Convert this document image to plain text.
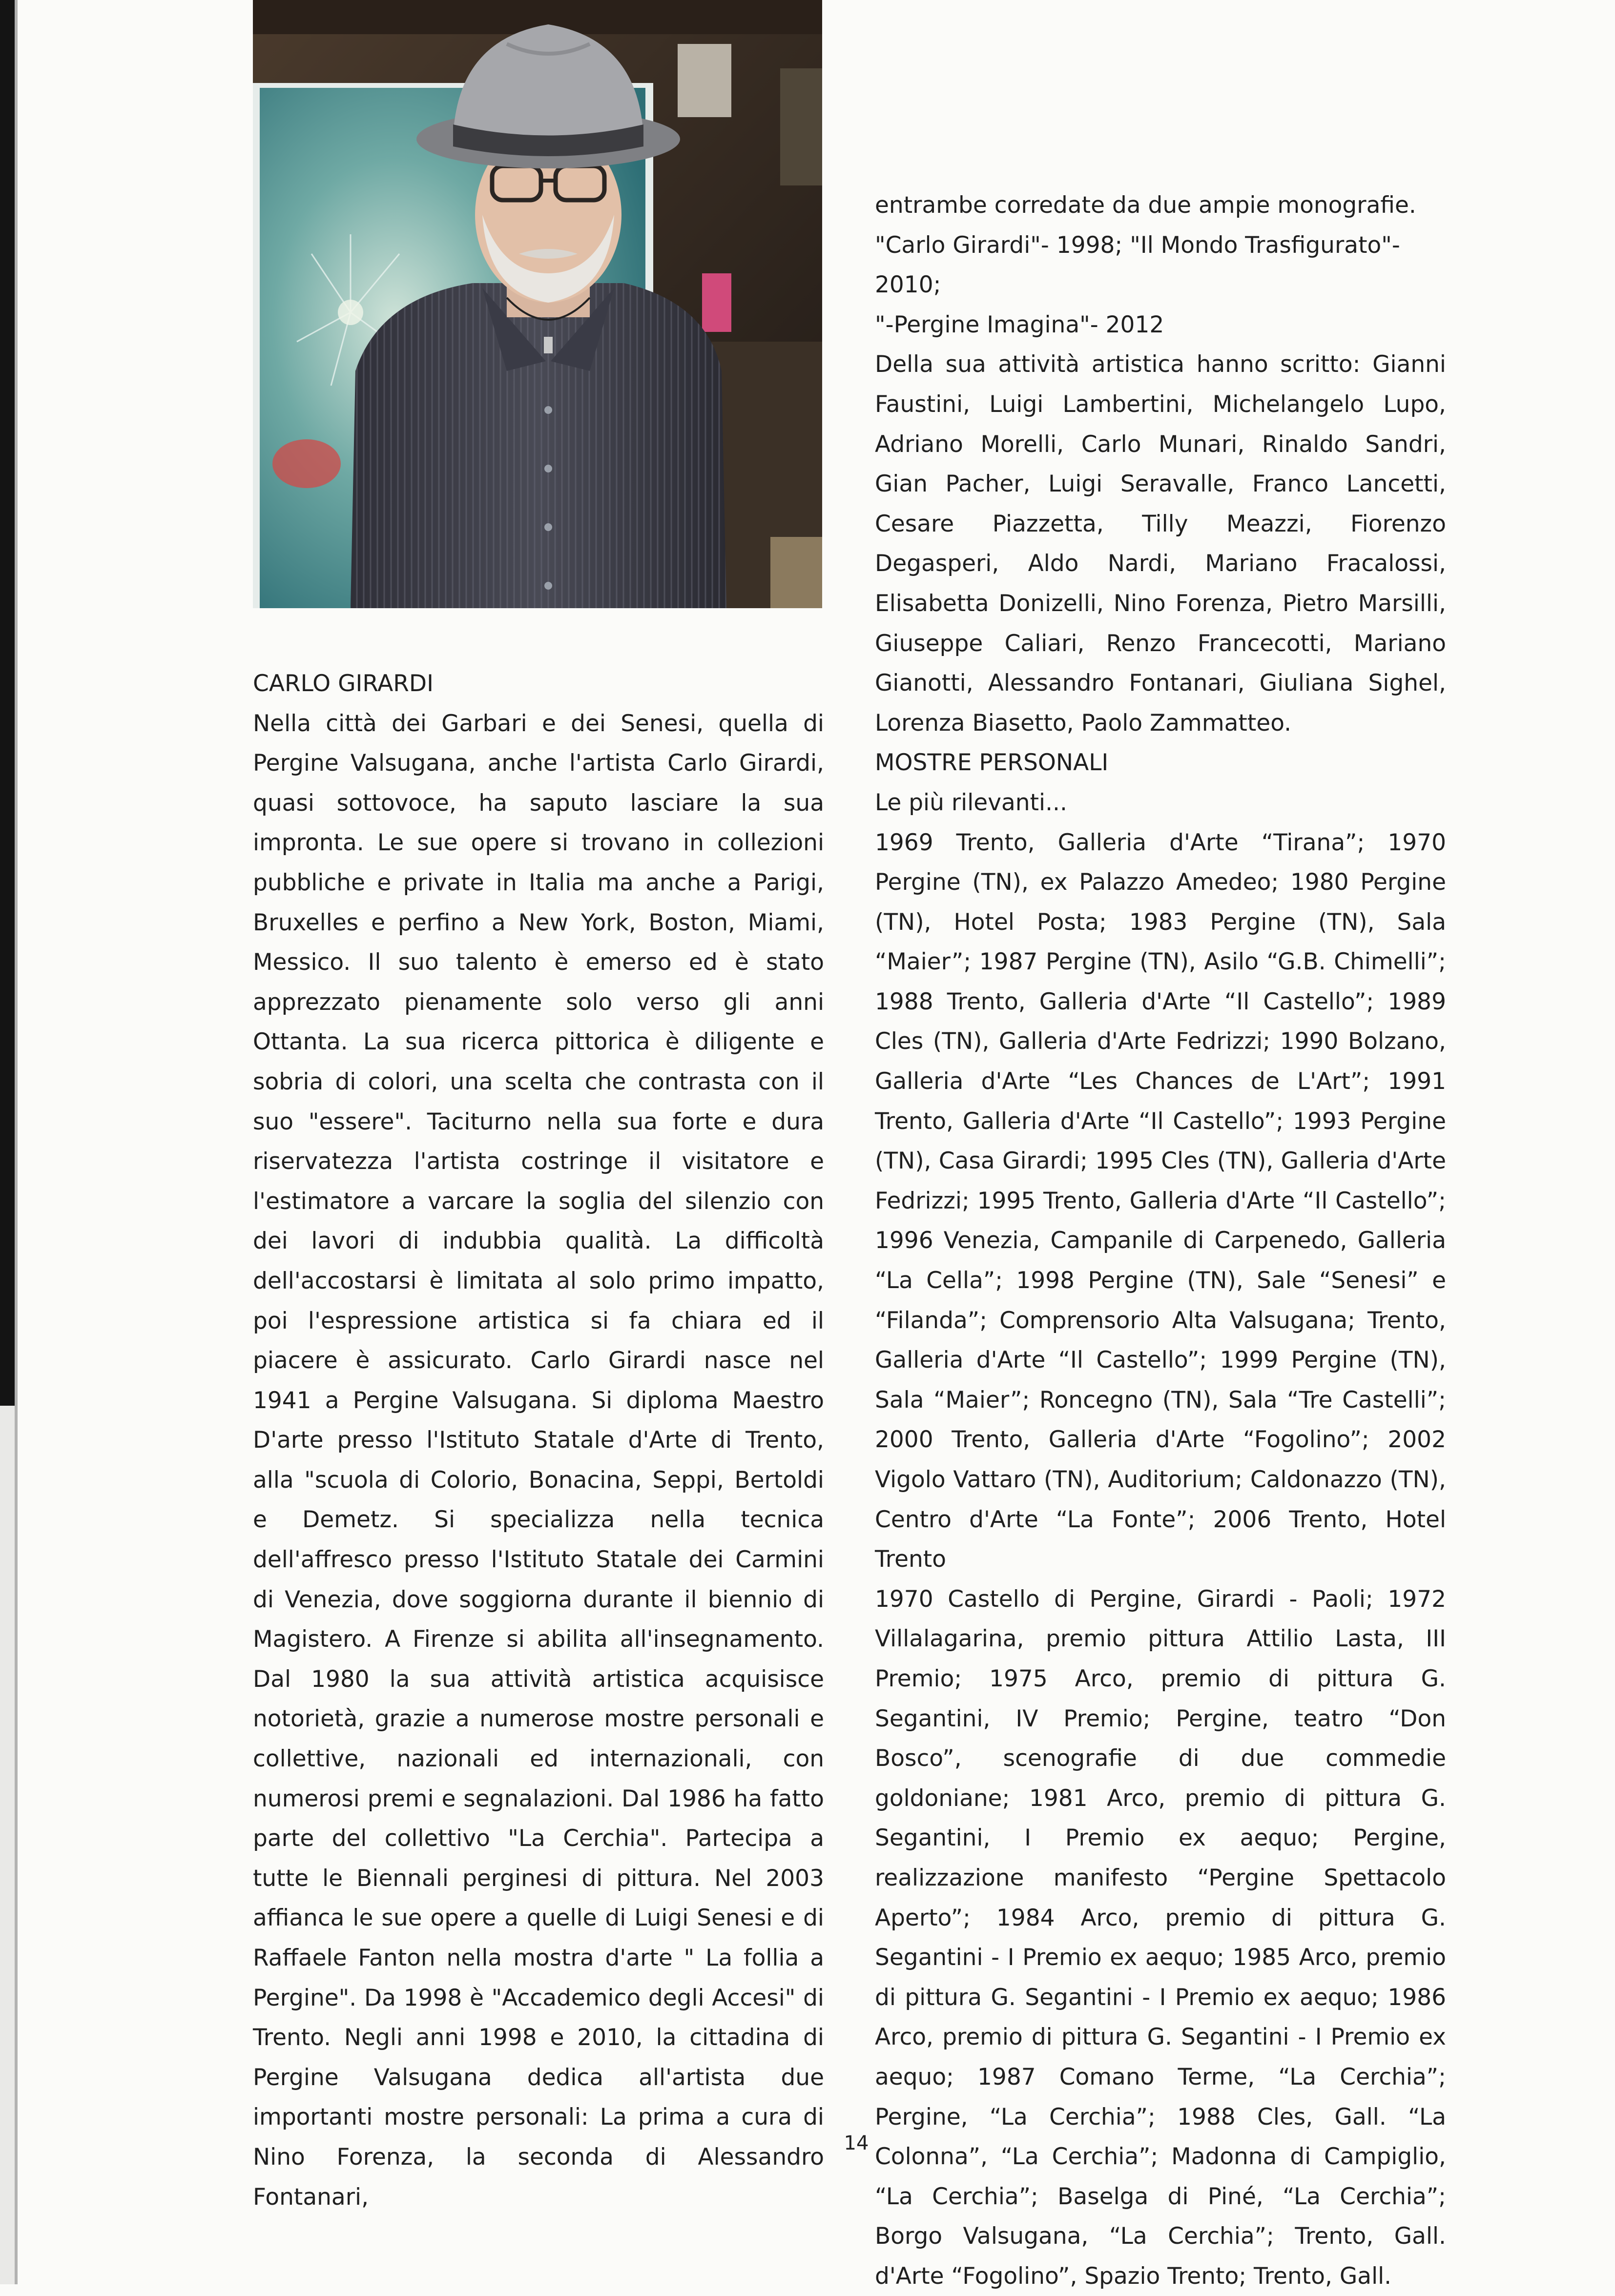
CARLO GIRARDI

Nella città dei Garbari e dei Senesi, quella di Pergine Valsugana, anche l'artista Carlo Girardi, quasi sottovoce, ha saputo lasciare la sua impronta. Le sue opere si trovano in collezioni pubbliche e private in Italia ma anche a Parigi, Bruxelles e perfino a New York, Boston, Miami, Messico. Il suo talento è emerso ed è stato apprezzato pienamente solo verso gli anni Ottanta. La sua ricerca pittorica è diligente e sobria di colori, una scelta che contrasta con il suo "essere". Taciturno nella sua forte e dura riservatezza l'artista costringe il visitatore e l'estimatore a varcare la soglia del silenzio con dei lavori di indubbia qualità. La difficoltà dell'accostarsi è limitata al solo primo impatto, poi l'espressione artistica si fa chiara ed il piacere è assicurato. Carlo Girardi nasce nel 1941 a Pergine Valsugana. Si diploma Maestro D'arte presso l'Istituto Statale d'Arte di Trento, alla "scuola di Colorio, Bonacina, Seppi, Bertoldi e Demetz. Si specializza nella tecnica dell'affresco presso l'Istituto Statale dei Carmini di Venezia, dove soggiorna durante il biennio di Magistero. A Firenze si abilita all'insegnamento. Dal 1980 la sua attività artistica acquisisce notorietà, grazie a numerose mostre personali e collettive, nazionali ed internazionali, con numerosi premi e segnalazioni. Dal 1986 ha fatto parte del collettivo "La Cerchia". Partecipa a tutte le Biennali perginesi di pittura. Nel 2003 affianca le sue opere a quelle di Luigi Senesi e di Raffaele Fanton nella mostra d'arte " La follia a Pergine". Da 1998 è "Accademico degli Accesi" di Trento. Negli anni 1998 e 2010, la cittadina di Pergine Valsugana dedica all'artista due importanti mostre personali: La prima a cura di Nino Forenza, la seconda di Alessandro Fontanari,

entrambe corredate da due ampie monografie.

"Carlo Girardi"- 1998; "Il Mondo Trasfigurato"- 2010;

"-Pergine Imagina"- 2012

Della sua attività artistica hanno scritto: Gianni Faustini, Luigi Lambertini, Michelangelo Lupo, Adriano Morelli, Carlo Munari, Rinaldo Sandri, Gian Pacher, Luigi Seravalle, Franco Lancetti, Cesare Piazzetta, Tilly Meazzi, Fiorenzo Degasperi, Aldo Nardi, Mariano Fracalossi, Elisabetta Donizelli, Nino Forenza, Pietro Marsilli, Giuseppe Caliari, Renzo Francecotti, Mariano Gianotti, Alessandro Fontanari, Giuliana Sighel, Lorenza Biasetto, Paolo Zammatteo.

MOSTRE PERSONALI

Le più rilevanti...

1969 Trento, Galleria d'Arte “Tirana”; 1970 Pergine (TN), ex Palazzo Amedeo; 1980 Pergine (TN), Hotel Posta; 1983 Pergine (TN), Sala “Maier”; 1987 Pergine (TN), Asilo “G.B. Chimelli”; 1988 Trento, Galleria d'Arte “Il Castello”; 1989 Cles (TN), Galleria d'Arte Fedrizzi; 1990 Bolzano, Galleria d'Arte “Les Chances de L'Art”; 1991 Trento, Galleria d'Arte “Il Castello”; 1993 Pergine (TN), Casa Girardi; 1995 Cles (TN), Galleria d'Arte Fedrizzi; 1995 Trento, Galleria d'Arte “Il Castello”; 1996 Venezia, Campanile di Carpenedo, Galleria “La Cella”; 1998 Pergine (TN), Sale “Senesi” e “Filanda”; Comprensorio Alta Valsugana; Trento, Galleria d'Arte “Il Castello”; 1999 Pergine (TN), Sala “Maier”; Roncegno (TN), Sala “Tre Castelli”; 2000 Trento, Galleria d'Arte “Fogolino”; 2002 Vigolo Vattaro (TN), Auditorium; Caldonazzo (TN), Centro d'Arte “La Fonte”; 2006 Trento, Hotel Trento

1970 Castello di Pergine, Girardi - Paoli; 1972 Villalagarina, premio pittura Attilio Lasta, III Premio; 1975 Arco, premio di pittura G. Segantini, IV Premio; Pergine, teatro “Don Bosco”, scenografie di due commedie goldoniane; 1981 Arco, premio di pittura G. Segantini, I Premio ex aequo; Pergine, realizzazione manifesto “Pergine Spettacolo Aperto”; 1984 Arco, premio di pittura G. Segantini - I Premio ex aequo; 1985 Arco, premio di pittura G. Segantini - I Premio ex aequo; 1986 Arco, premio di pittura G. Segantini - I Premio ex aequo; 1987 Comano Terme, “La Cerchia”; Pergine, “La Cerchia”; 1988 Cles, Gall. “La Colonna”, “La Cerchia”; Madonna di Campiglio, “La Cerchia”; Baselga di Piné, “La Cerchia”; Borgo Valsugana, “La Cerchia”; Trento, Gall. d'Arte “Fogolino”, Spazio Trento; Trento, Gall.

14
